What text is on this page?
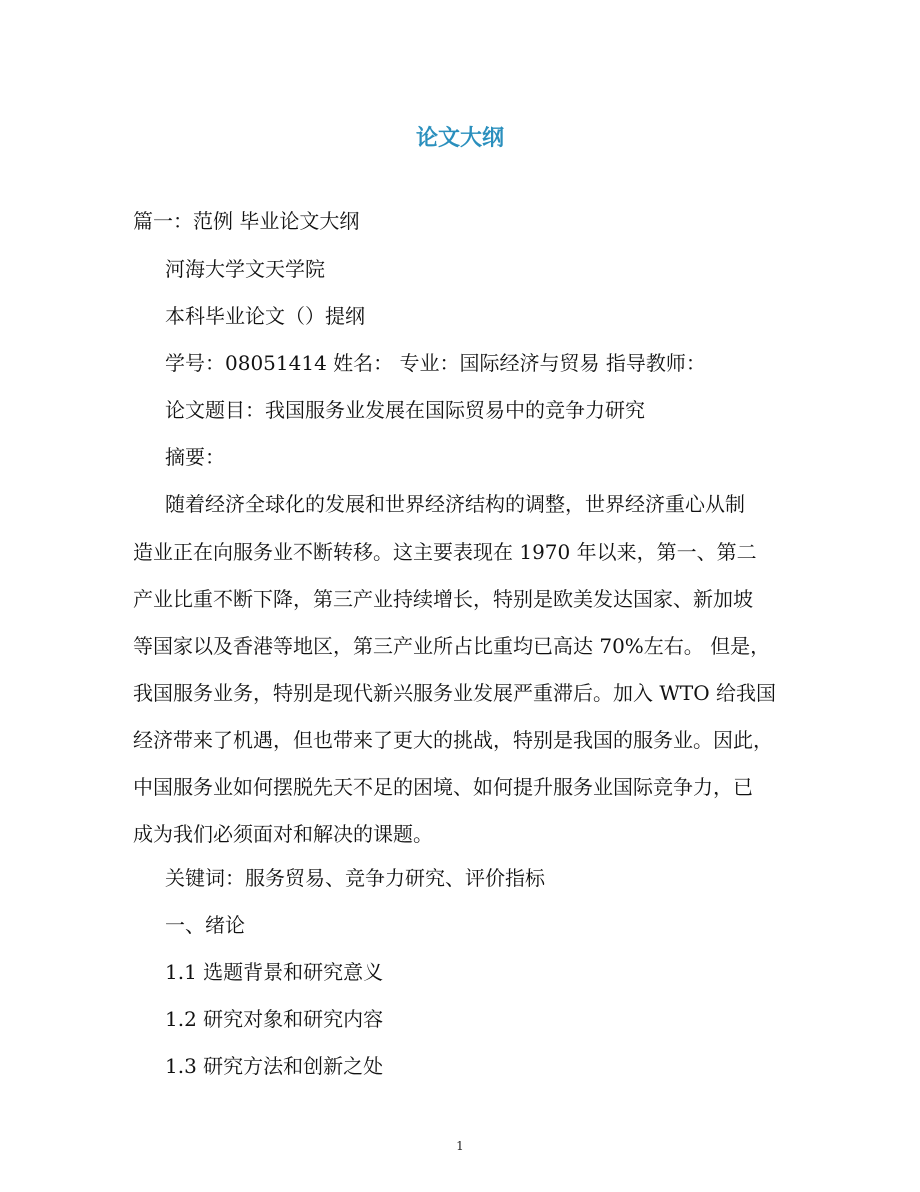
论文大纲
篇一：范例 毕业论文大纲
河海大学文天学院
本科毕业论文（）提纲
学号：08051414 姓名： 专业：国际经济与贸易 指导教师：
论文题目：我国服务业发展在国际贸易中的竞争力研究
摘要：
随着经济全球化的发展和世界经济结构的调整，世界经济重心从制
造业正在向服务业不断转移。这主要表现在 1970 年以来，第一、第二
产业比重不断下降，第三产业持续增长，特别是欧美发达国家、新加坡
等国家以及香港等地区，第三产业所占比重均已高达 70%左右。 但是，
我国服务业务，特别是现代新兴服务业发展严重滞后。加入 WTO 给我国
经济带来了机遇，但也带来了更大的挑战，特别是我国的服务业。因此，
中国服务业如何摆脱先天不足的困境、如何提升服务业国际竞争力，已
成为我们必须面对和解决的课题。
关键词：服务贸易、竞争力研究、评价指标
一、绪论
1.1 选题背景和研究意义
1.2 研究对象和研究内容
1.3 研究方法和创新之处
1
